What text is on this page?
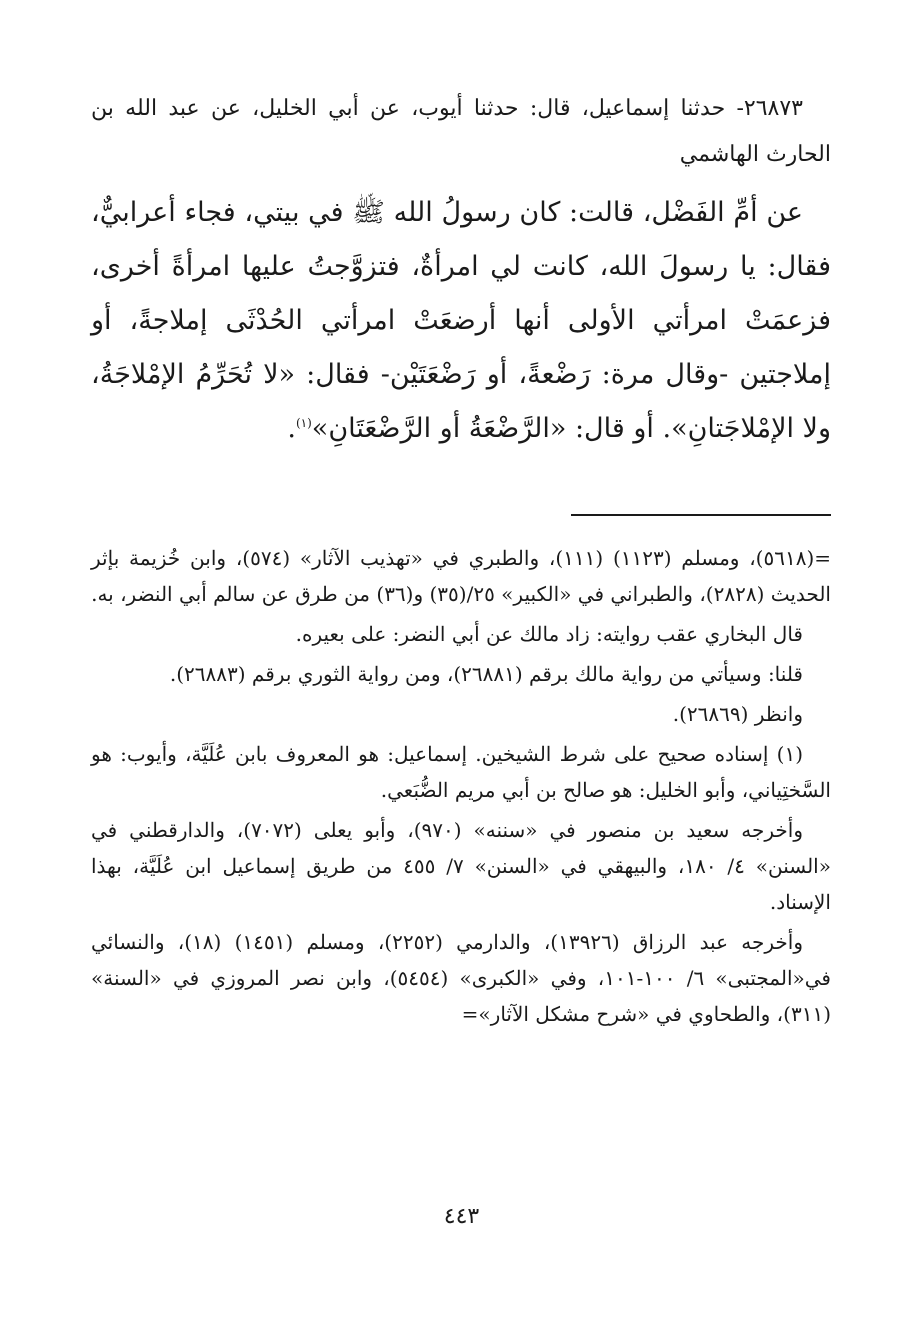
٢٦٨٧٣- حدثنا إسماعيل، قال: حدثنا أيوب، عن أبي الخليل، عن عبد الله بن الحارث الهاشمي

عن أمِّ الفَضْل، قالت: كان رسولُ الله ﷺ في بيتي، فجاء أعرابيٌّ، فقال: يا رسولَ الله، كانت لي امرأةٌ، فتزوَّجتُ عليها امرأةً أخرى، فزعمَتْ امرأتي الأولى أنها أرضعَتْ امرأتي الحُدْثَى إملاجةً، أو إملاجتين -وقال مرة: رَضْعةً، أو رَضْعَتَيْن- فقال: «لا تُحَرِّمُ الإمْلاجَةُ، ولا الإمْلاجَتانِ». أو قال: «الرَّضْعَةُ أو الرَّضْعَتَانِ»$^{(١)}$.

=(٥٦١٨)، ومسلم (١١٢٣) (١١١)، والطبري في «تهذيب الآثار» (٥٧٤)، وابن خُزيمة بإثر الحديث (٢٨٢٨)، والطبراني في «الكبير» ٢٥/(٣٥) و(٣٦) من طرق عن سالم أبي النضر، به.

قال البخاري عقب روايته: زاد مالك عن أبي النضر: على بعيره.

قلنا: وسيأتي من رواية مالك برقم (٢٦٨٨١)، ومن رواية الثوري برقم (٢٦٨٨٣).

وانظر (٢٦٨٦٩).

(١) إسناده صحيح على شرط الشيخين. إسماعيل: هو المعروف بابن عُلَيَّة، وأيوب: هو السَّختِياني، وأبو الخليل: هو صالح بن أبي مريم الضُّبَعي.

وأخرجه سعيد بن منصور في «سننه» (٩٧٠)، وأبو يعلى (٧٠٧٢)، والدارقطني في «السنن» ٤/ ١٨٠، والبيهقي في «السنن» ٧/ ٤٥٥ من طريق إسماعيل ابن عُلَيَّة، بهذا الإسناد.

وأخرجه عبد الرزاق (١٣٩٢٦)، والدارمي (٢٢٥٢)، ومسلم (١٤٥١) (١٨)، والنسائي في«المجتبى» ٦/ ١٠٠-١٠١، وفي «الكبرى» (٥٤٥٤)، وابن نصر المروزي في «السنة» (٣١١)، والطحاوي في «شرح مشكل الآثار»=

٤٤٣
